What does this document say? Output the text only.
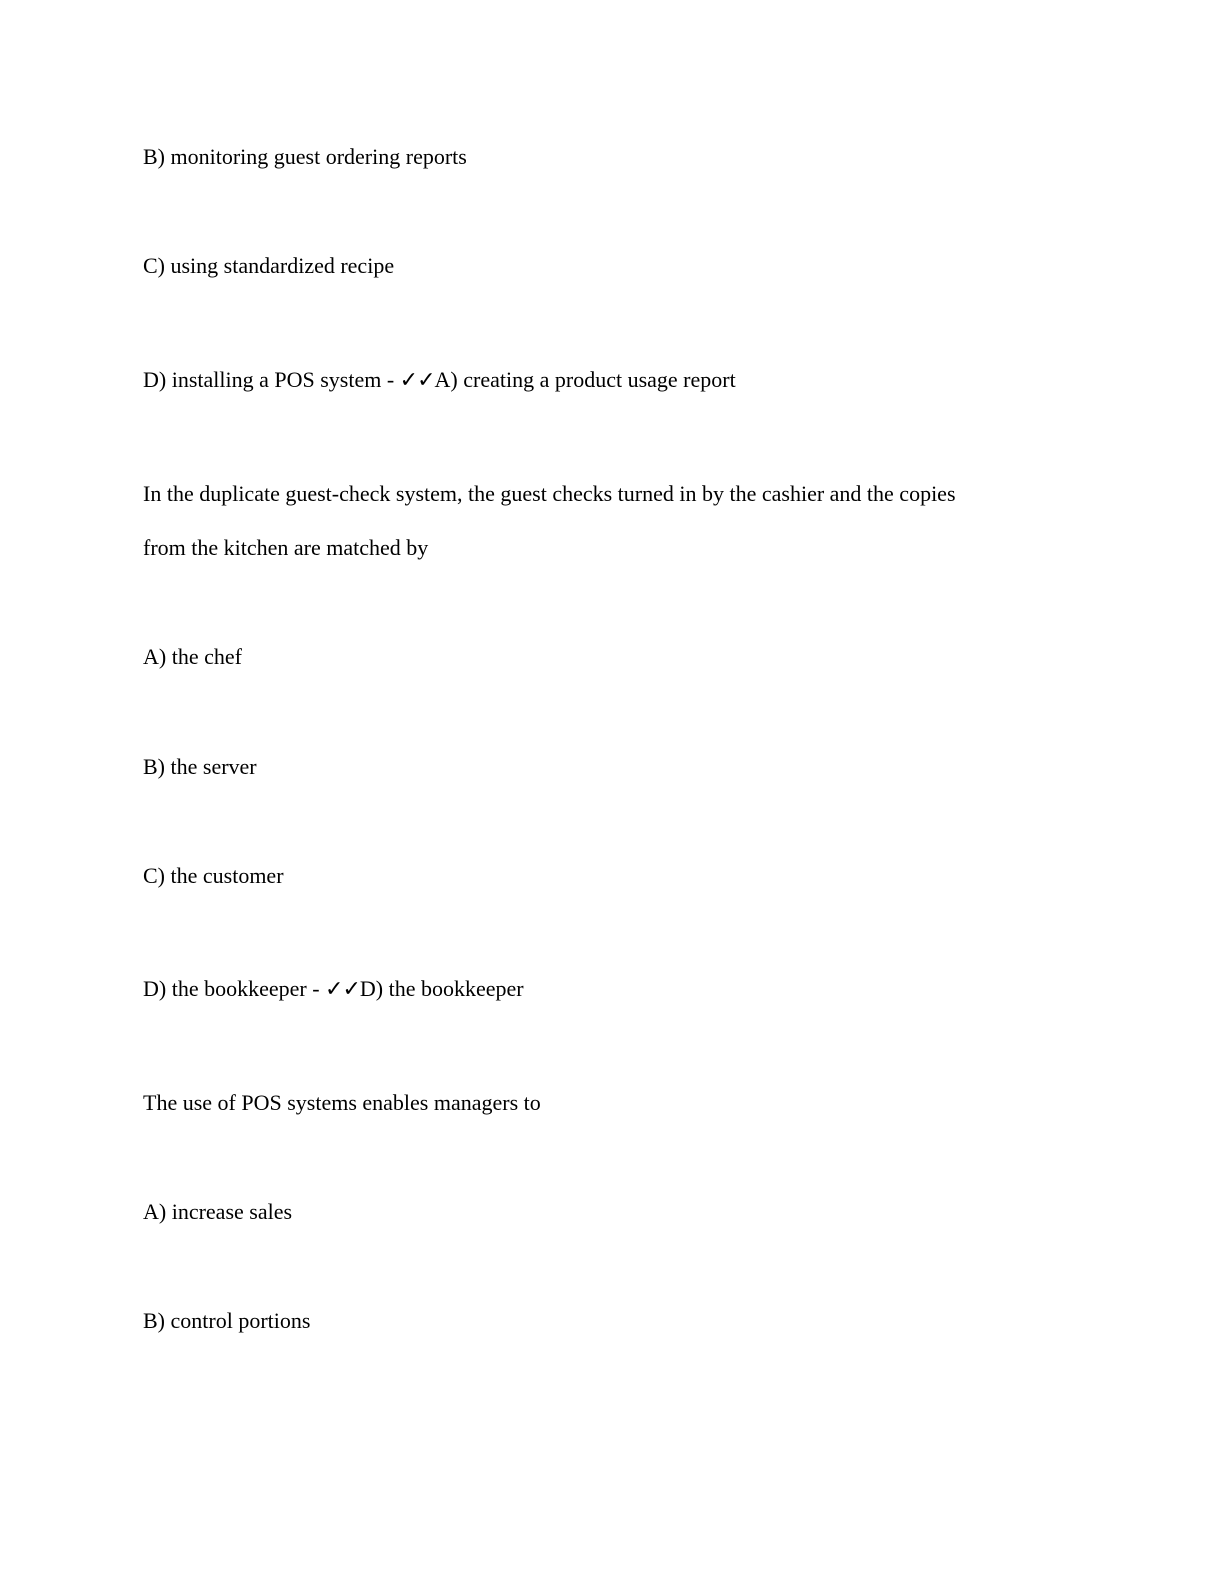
B) monitoring guest ordering reports
C) using standardized recipe
D) installing a POS system - ✓✓A) creating a product usage report
In the duplicate guest-check system, the guest checks turned in by the cashier and the copies
from the kitchen are matched by
A) the chef
B) the server
C) the customer
D) the bookkeeper - ✓✓D) the bookkeeper
The use of POS systems enables managers to
A) increase sales
B) control portions
